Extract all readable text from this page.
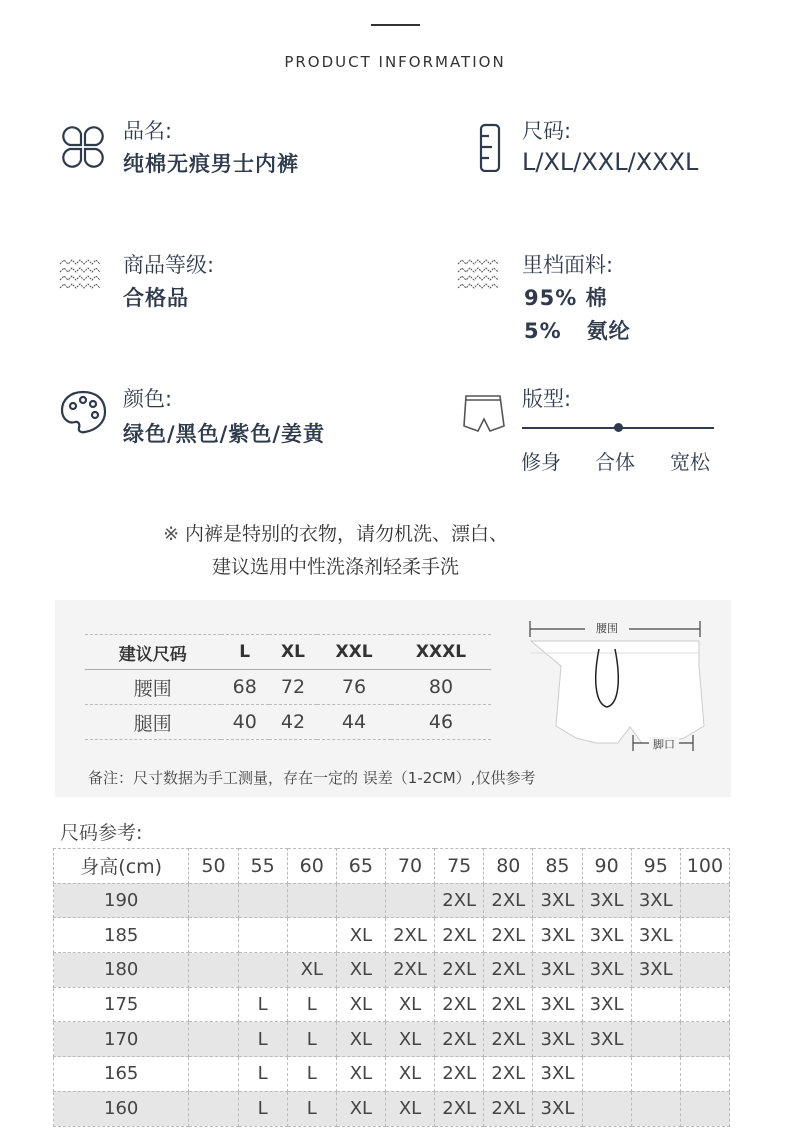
PRODUCT INFORMATION
品名:
纯棉无痕男士内裤
尺码:
L/XL/XXL/XXXL
商品等级:
合格品
里档面料:
95% 棉
5%   氨纶
颜色:
绿色/黑色/紫色/姜黄
版型:
修身 合体 宽松
※ 内裤是特别的衣物，请勿机洗、漂白、
建议选用中性洗涤剂轻柔手洗
建议尺码	L	XL	XXL	XXXL
腰围	68	72	76	80
腿围	40	42	44	46
腰围
脚口
备注：尺寸数据为手工测量，存在一定的 误差（1-2CM）,仅供参考
尺码参考:
身高(cm)	50	55	60	65	70	75	80	85	90	95	100
190						2XL	2XL	3XL	3XL	3XL	
185				XL	2XL	2XL	2XL	3XL	3XL	3XL	
180			XL	XL	2XL	2XL	2XL	3XL	3XL	3XL	
175		L	L	XL	XL	2XL	2XL	3XL	3XL		
170		L	L	XL	XL	2XL	2XL	3XL	3XL		
165		L	L	XL	XL	2XL	2XL	3XL			
160		L	L	XL	XL	2XL	2XL	3XL			
